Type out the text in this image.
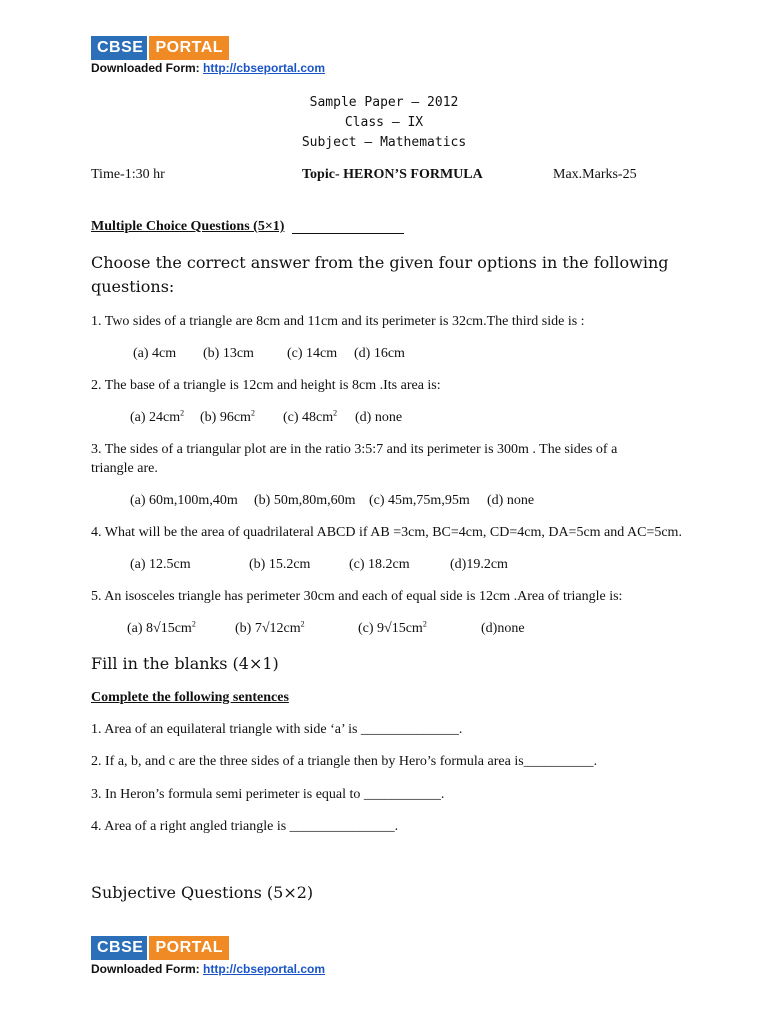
CBSE PORTAL
Downloaded Form: http://cbseportal.com
Sample Paper – 2012
Class – IX
Subject – Mathematics
Time-1:30 hr	Topic- HERON’S FORMULA	Max.Marks-25
Multiple Choice Questions (5×1)
Choose the correct answer from the given four options in the following
questions:
1. Two sides of a triangle are 8cm and 11cm and its perimeter is 32cm.The third side is :
(a) 4cm (b) 13cm (c) 14cm (d) 16cm
2. The base of a triangle is 12cm and height is 8cm .Its area is:
(a) $24cm^2$ (b) $96cm^2$ (c) $48cm^2$ (d) none
3. The sides of a triangular plot are in the ratio 3:5:7 and its perimeter is 300m . The sides of a
triangle are.
(a) 60m,100m,40m (b) 50m,80m,60m (c) 45m,75m,95m (d) none
4. What will be the area of quadrilateral ABCD if AB =3cm, BC=4cm, CD=4cm, DA=5cm and AC=5cm.
(a) 12.5cm	(b) 15.2cm	(c) 18.2cm	(d)19.2cm
5. An isosceles triangle has perimeter 30cm and each of equal side is 12cm .Area of triangle is:
(a) $8√15cm^2$	(b) $7√12cm^2$	(c) $9√15cm^2$	(d)none
Fill in the blanks (4×1)
Complete the following sentences
1. Area of an equilateral triangle with side ‘a’ is ______________.
2. If a, b, and c are the three sides of a triangle then by Hero’s formula area is__________.
3. In Heron’s formula semi perimeter is equal to ___________.
4. Area of a right angled triangle is _______________.
Subjective Questions (5×2)
CBSE PORTAL
Downloaded Form: http://cbseportal.com
